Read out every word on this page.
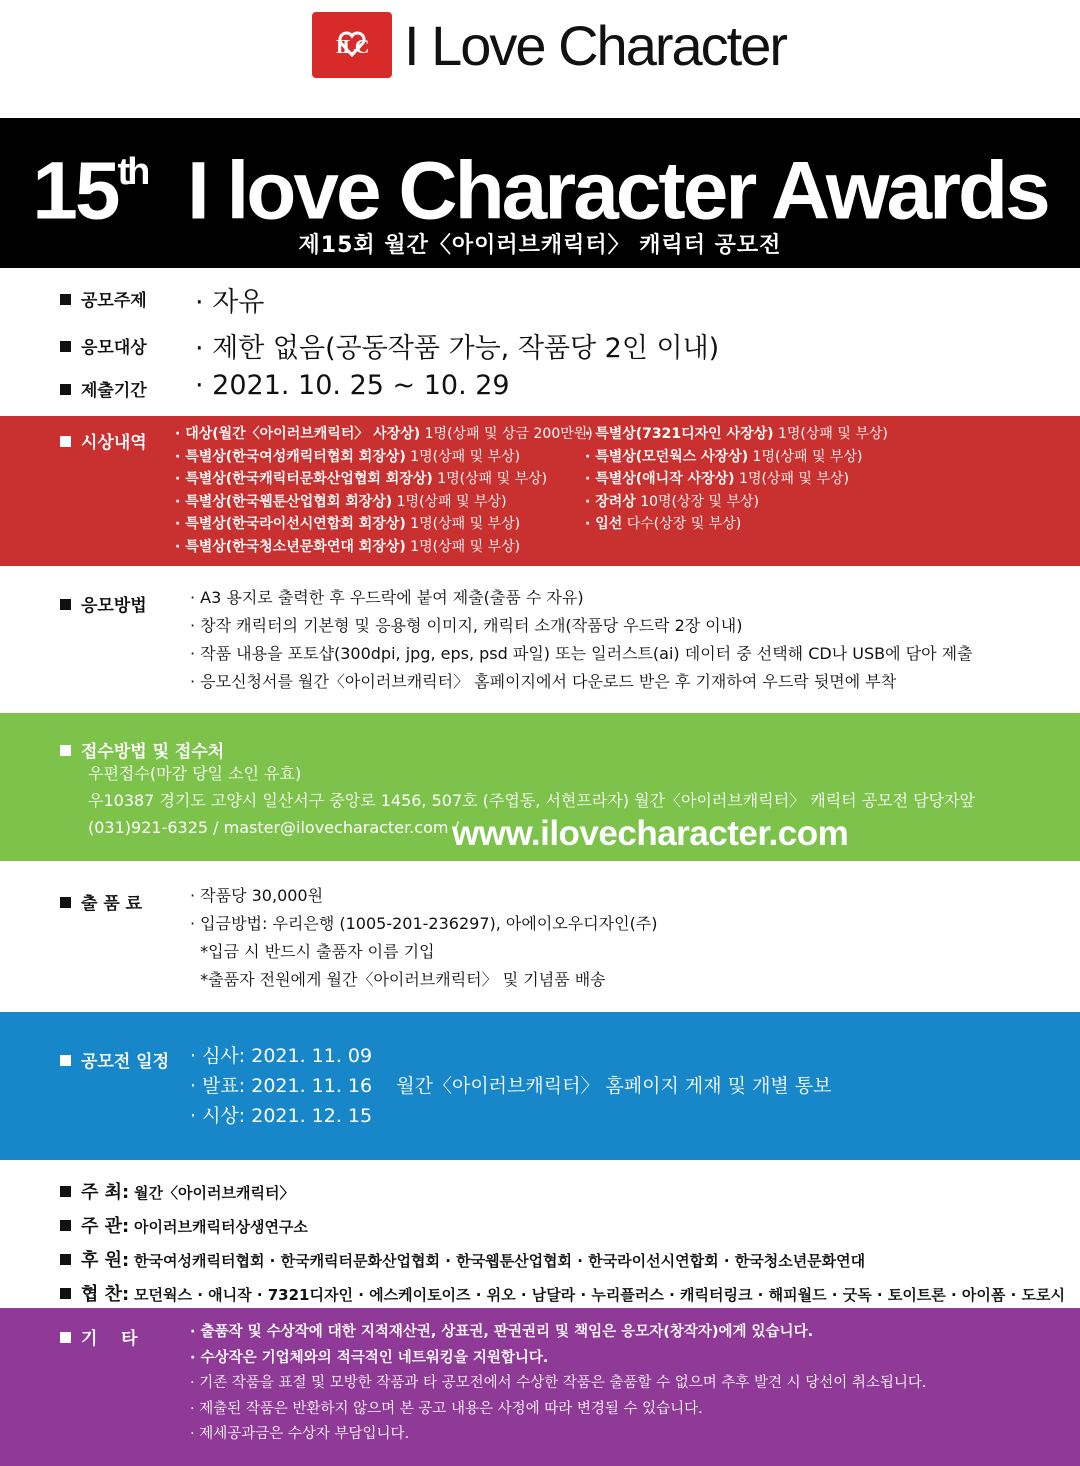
ILC I Love Character
15th I love Character Awards
제15회 월간〈아이러브캐릭터〉 캐릭터 공모전
공모주제 · 자유
응모대상 · 제한 없음(공동작품 가능, 작품당 2인 이내)
제출기간 · 2021. 10. 25 ~ 10. 29
시상내역 · 대상(월간〈아이러브캐릭터〉 사장상) 1명(상패 및 상금 200만원)
· 특별상(한국여성캐릭터협회 회장상) 1명(상패 및 부상)
· 특별상(한국캐릭터문화산업협회 회장상) 1명(상패 및 부상)
· 특별상(한국웹툰산업협회 회장상) 1명(상패 및 부상)
· 특별상(한국라이선시연합회 회장상) 1명(상패 및 부상)
· 특별상(한국청소년문화연대 회장상) 1명(상패 및 부상)
· 특별상(7321디자인 사장상) 1명(상패 및 부상)
· 특별상(모던웍스 사장상) 1명(상패 및 부상)
· 특별상(애니작 사장상) 1명(상패 및 부상)
· 장려상 10명(상장 및 부상)
· 입선 다수(상장 및 부상)
응모방법	· A3 용지로 출력한 후 우드락에 붙여 제출(출품 수 자유)
· 창작 캐릭터의 기본형 및 응용형 이미지, 캐릭터 소개(작품당 우드락 2장 이내)
· 작품 내용을 포토샵(300dpi, jpg, eps, psd 파일) 또는 일러스트(ai) 데이터 중 선택해 CD나 USB에 담아 제출
· 응모신청서를 월간〈아이러브캐릭터〉 홈페이지에서 다운로드 받은 후 기재하여 우드락 뒷면에 부착
접수방법 및 접수처
우편접수(마감 당일 소인 유효)
우10387 경기도 고양시 일산서구 중앙로 1456, 507호 (주엽동, 서현프라자) 월간〈아이러브캐릭터〉 캐릭터 공모전 담당자앞
(031)921-6325 / master@ilovecharacter.com /
www.ilovecharacter.com
출 품 료	· 작품당 30,000원
· 입금방법: 우리은행 (1005-201-236297), 아에이오우디자인(주)
*입금 시 반드시 출품자 이름 기입
*출품자 전원에게 월간〈아이러브캐릭터〉 및 기념품 배송
공모전 일정 · 심사: 2021. 11. 09
· 발표: 2021. 11. 16    월간〈아이러브캐릭터〉 홈페이지 게재 및 개별 통보
· 시상: 2021. 12. 15
주 최: 월간〈아이러브캐릭터〉
주 관: 아이러브캐릭터상생연구소
후 원: 한국여성캐릭터협회 · 한국캐릭터문화산업협회 · 한국웹툰산업협회 · 한국라이선시연합회 · 한국청소년문화연대
협 찬: 모던웍스 · 애니작 · 7321디자인 · 에스케이토이즈 · 위오 · 남달라 · 누리플러스 · 캐릭터링크 · 해피월드 · 굿독 · 토이트론 · 아이폼 · 도로시
기    타	· 출품작 및 수상작에 대한 지적재산권, 상표권, 판권권리 및 책임은 응모자(창작자)에게 있습니다.
· 수상작은 기업체와의 적극적인 네트워킹을 지원합니다.
· 기존 작품을 표절 및 모방한 작품과 타 공모전에서 수상한 작품은 출품할 수 없으며 추후 발견 시 당선이 취소됩니다.
· 제출된 작품은 반환하지 않으며 본 공고 내용은 사정에 따라 변경될 수 있습니다.
· 제세공과금은 수상자 부담입니다.
